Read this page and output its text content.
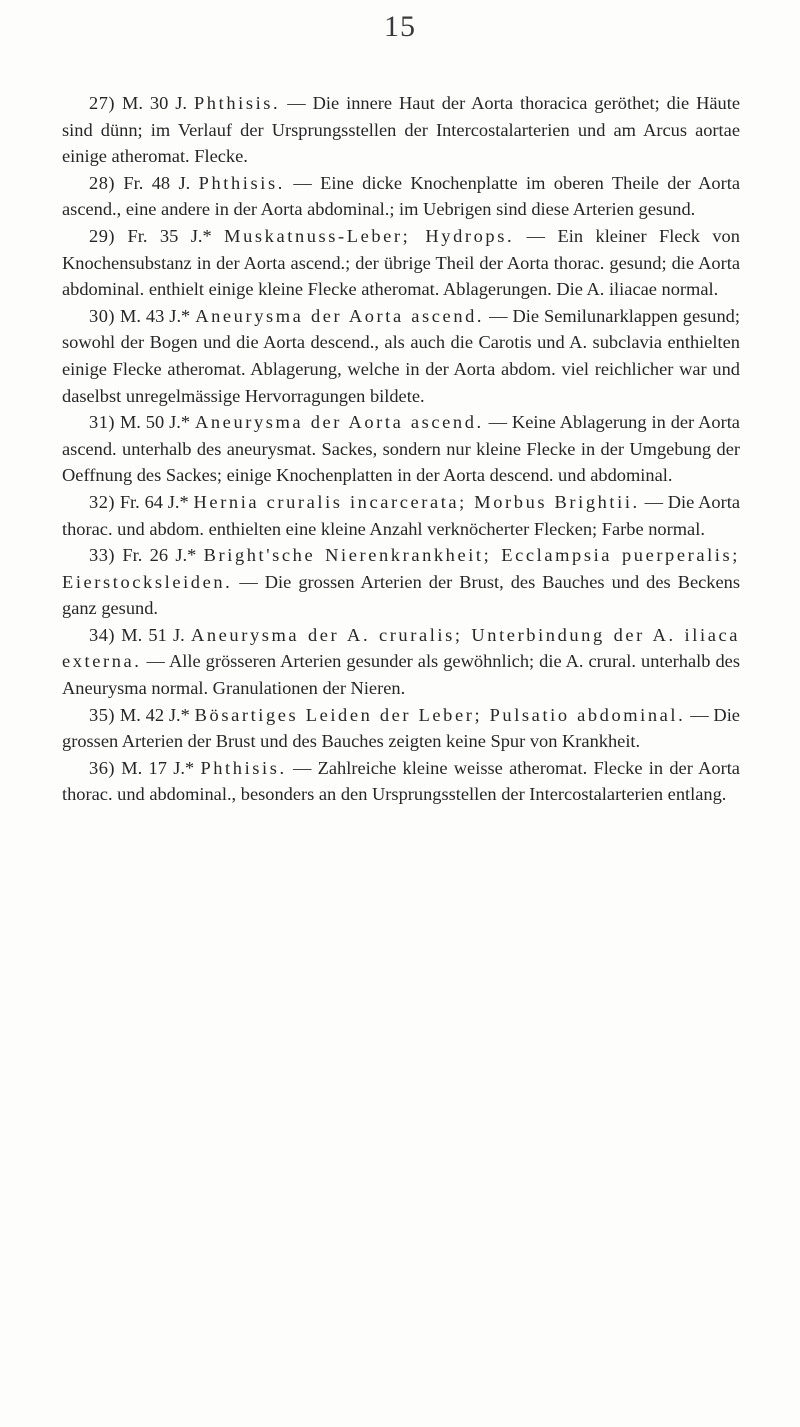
15

27) M. 30 J. Phthisis. — Die innere Haut der Aorta thoracica geröthet; die Häute sind dünn; im Verlauf der Ursprungsstellen der Intercostalarterien und am Arcus aortae einige atheromat. Flecke.

28) Fr. 48 J. Phthisis. — Eine dicke Knochenplatte im oberen Theile der Aorta ascend., eine andere in der Aorta abdominal.; im Uebrigen sind diese Arterien gesund.

29) Fr. 35 J.* Muskatnuss-Leber; Hydrops. — Ein kleiner Fleck von Knochensubstanz in der Aorta ascend.; der übrige Theil der Aorta thorac. gesund; die Aorta abdominal. enthielt einige kleine Flecke atheromat. Ablagerungen. Die A. iliacae normal.

30) M. 43 J.* Aneurysma der Aorta ascend. — Die Semilunarklappen gesund; sowohl der Bogen und die Aorta descend., als auch die Carotis und A. subclavia enthielten einige Flecke atheromat. Ablagerung, welche in der Aorta abdom. viel reichlicher war und daselbst unregelmässige Hervorragungen bildete.

31) M. 50 J.* Aneurysma der Aorta ascend. — Keine Ablagerung in der Aorta ascend. unterhalb des aneurysmat. Sackes, sondern nur kleine Flecke in der Umgebung der Oeffnung des Sackes; einige Knochenplatten in der Aorta descend. und abdominal.

32) Fr. 64 J.* Hernia cruralis incarcerata; Morbus Brightii. — Die Aorta thorac. und abdom. enthielten eine kleine Anzahl verknöcherter Flecken; Farbe normal.

33) Fr. 26 J.* Bright'sche Nierenkrankheit; Ecclampsia puerperalis; Eierstocksleiden. — Die grossen Arterien der Brust, des Bauches und des Beckens ganz gesund.

34) M. 51 J. Aneurysma der A. cruralis; Unterbindung der A. iliaca externa. — Alle grösseren Arterien gesunder als gewöhnlich; die A. crural. unterhalb des Aneurysma normal. Granulationen der Nieren.

35) M. 42 J.* Bösartiges Leiden der Leber; Pulsatio abdominal. — Die grossen Arterien der Brust und des Bauches zeigten keine Spur von Krankheit.

36) M. 17 J.* Phthisis. — Zahlreiche kleine weisse atheromat. Flecke in der Aorta thorac. und abdominal., besonders an den Ursprungsstellen der Intercostalarterien entlang.
